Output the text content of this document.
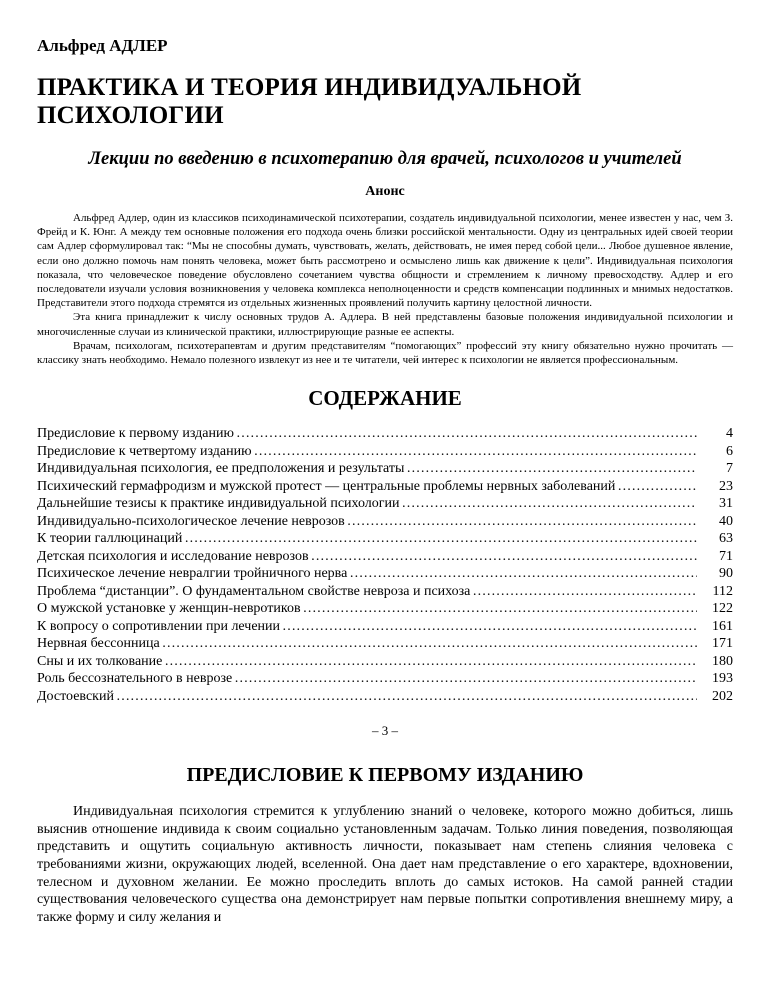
Альфред АДЛЕР

ПРАКТИКА И ТЕОРИЯ ИНДИВИДУАЛЬНОЙ
ПСИХОЛОГИИ

Лекции по введению в психотерапию для врачей, психологов и учителей

Анонс

Альфред Адлер, один из классиков психодинамической психотерапии, создатель индивидуальной психологии, менее известен у нас, чем З. Фрейд и К. Юнг. А между тем основные положения его подхода очень близки российской ментальности. Одну из центральных идей своей теории сам Адлер сформулировал так: “Мы не способны думать, чувствовать, желать, действовать, не имея перед собой цели... Любое душевное явление, если оно должно помочь нам понять человека, может быть рассмотрено и осмыслено лишь как движение к цели”. Индивидуальная психология показала, что человеческое поведение обусловлено сочетанием чувства общности и стремлением к личному превосходству. Адлер и его последователи изучали условия возникновения у человека комплекса неполноценности и средств компенсации подлинных и мнимых недостатков. Представители этого подхода стремятся из отдельных жизненных проявлений получить картину целостной личности.

Эта книга принадлежит к числу основных трудов А. Адлера. В ней представлены базовые положения индивидуальной психологии и многочисленные случаи из клинической практики, иллюстрирующие разные ее аспекты.

Врачам, психологам, психотерапевтам и другим представителям “помогающих” профессий эту книгу обязательно нужно прочитать — классику знать необходимо. Немало полезного извлекут из нее и те читатели, чей интерес к психологии не является профессиональным.

СОДЕРЖАНИЕ
Предисловие к первому изданию ………………………………………………………………………………………………………………………………………………………………………………………………	4
Предисловие к четвертому изданию ………………………………………………………………………………………………………………………………………………………………………………………………	6
Индивидуальная психология, ее предположения и результаты ………………………………………………………………………………………………………………………………………………………………………………………………	7
Психический гермафродизм и мужской протест — центральные проблемы нервных заболеваний ………………………………………………………………………………………………………………………………………………………………………………………………	23
Дальнейшие тезисы к практике индивидуальной психологии ………………………………………………………………………………………………………………………………………………………………………………………………	31
Индивидуально-психологическое лечение неврозов ………………………………………………………………………………………………………………………………………………………………………………………………	40
К теории галлюцинаций ………………………………………………………………………………………………………………………………………………………………………………………………	63
Детская психология и исследование неврозов ………………………………………………………………………………………………………………………………………………………………………………………………	71
Психическое лечение невралгии тройничного нерва ………………………………………………………………………………………………………………………………………………………………………………………………	90
Проблема “дистанции”. О фундаментальном свойстве невроза и психоза ………………………………………………………………………………………………………………………………………………………………………………………………	112
О мужской установке у женщин-невротиков ………………………………………………………………………………………………………………………………………………………………………………………………	122
К вопросу о сопротивлении при лечении ………………………………………………………………………………………………………………………………………………………………………………………………	161
Нервная бессонница ………………………………………………………………………………………………………………………………………………………………………………………………	171
Сны и их толкование ………………………………………………………………………………………………………………………………………………………………………………………………	180
Роль бессознательного в неврозе ………………………………………………………………………………………………………………………………………………………………………………………………	193
Достоевский ………………………………………………………………………………………………………………………………………………………………………………………………	202
– 3 –
ПРЕДИСЛОВИЕ К ПЕРВОМУ ИЗДАНИЮ

Индивидуальная психология стремится к углублению знаний о человеке, которого можно добиться, лишь выяснив отношение индивида к своим социально установленным задачам. Только линия поведения, позволяющая представить и ощутить социальную активность личности, показывает нам степень слияния человека с требованиями жизни, окружающих людей, вселенной. Она дает нам представление о его характере, вдохновении, телесном и духовном желании. Ее можно проследить вплоть до самых истоков. На самой ранней стадии существования человеческого существа она демонстрирует нам первые попытки сопротивления внешнему миру, а также форму и силу желания и
